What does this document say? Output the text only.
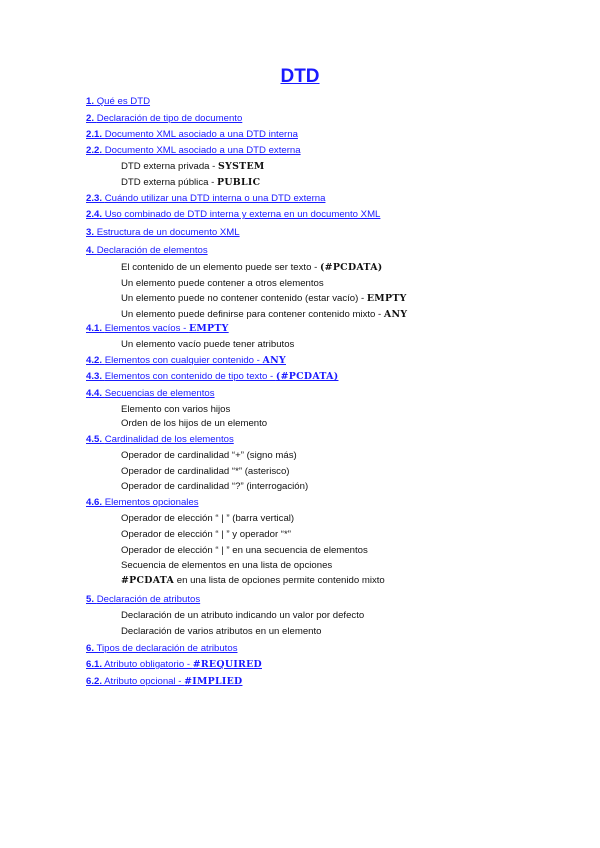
DTD
1. Qué es DTD
2. Declaración de tipo de documento
2.1. Documento XML asociado a una DTD interna
2.2. Documento XML asociado a una DTD externa
DTD externa privada - SYSTEM
DTD externa pública - PUBLIC
2.3. Cuándo utilizar una DTD interna o una DTD externa
2.4. Uso combinado de DTD interna y externa en un documento XML
3. Estructura de un documento XML
4. Declaración de elementos
El contenido de un elemento puede ser texto - (#PCDATA)
Un elemento puede contener a otros elementos
Un elemento puede no contener contenido (estar vacío) - EMPTY
Un elemento puede definirse para contener contenido mixto - ANY
4.1. Elementos vacíos - EMPTY
Un elemento vacío puede tener atributos
4.2. Elementos con cualquier contenido - ANY
4.3. Elementos con contenido de tipo texto - (#PCDATA)
4.4. Secuencias de elementos
Elemento con varios hijos
Orden de los hijos de un elemento
4.5. Cardinalidad de los elementos
Operador de cardinalidad “+” (signo más)
Operador de cardinalidad “*” (asterisco)
Operador de cardinalidad “?” (interrogación)
4.6. Elementos opcionales
Operador de elección “ | ” (barra vertical)
Operador de elección “ | ” y operador “*”
Operador de elección “ | ” en una secuencia de elementos
Secuencia de elementos en una lista de opciones
#PCDATA en una lista de opciones permite contenido mixto
5. Declaración de atributos
Declaración de un atributo indicando un valor por defecto
Declaración de varios atributos en un elemento
6. Tipos de declaración de atributos
6.1. Atributo obligatorio - #REQUIRED
6.2. Atributo opcional - #IMPLIED
